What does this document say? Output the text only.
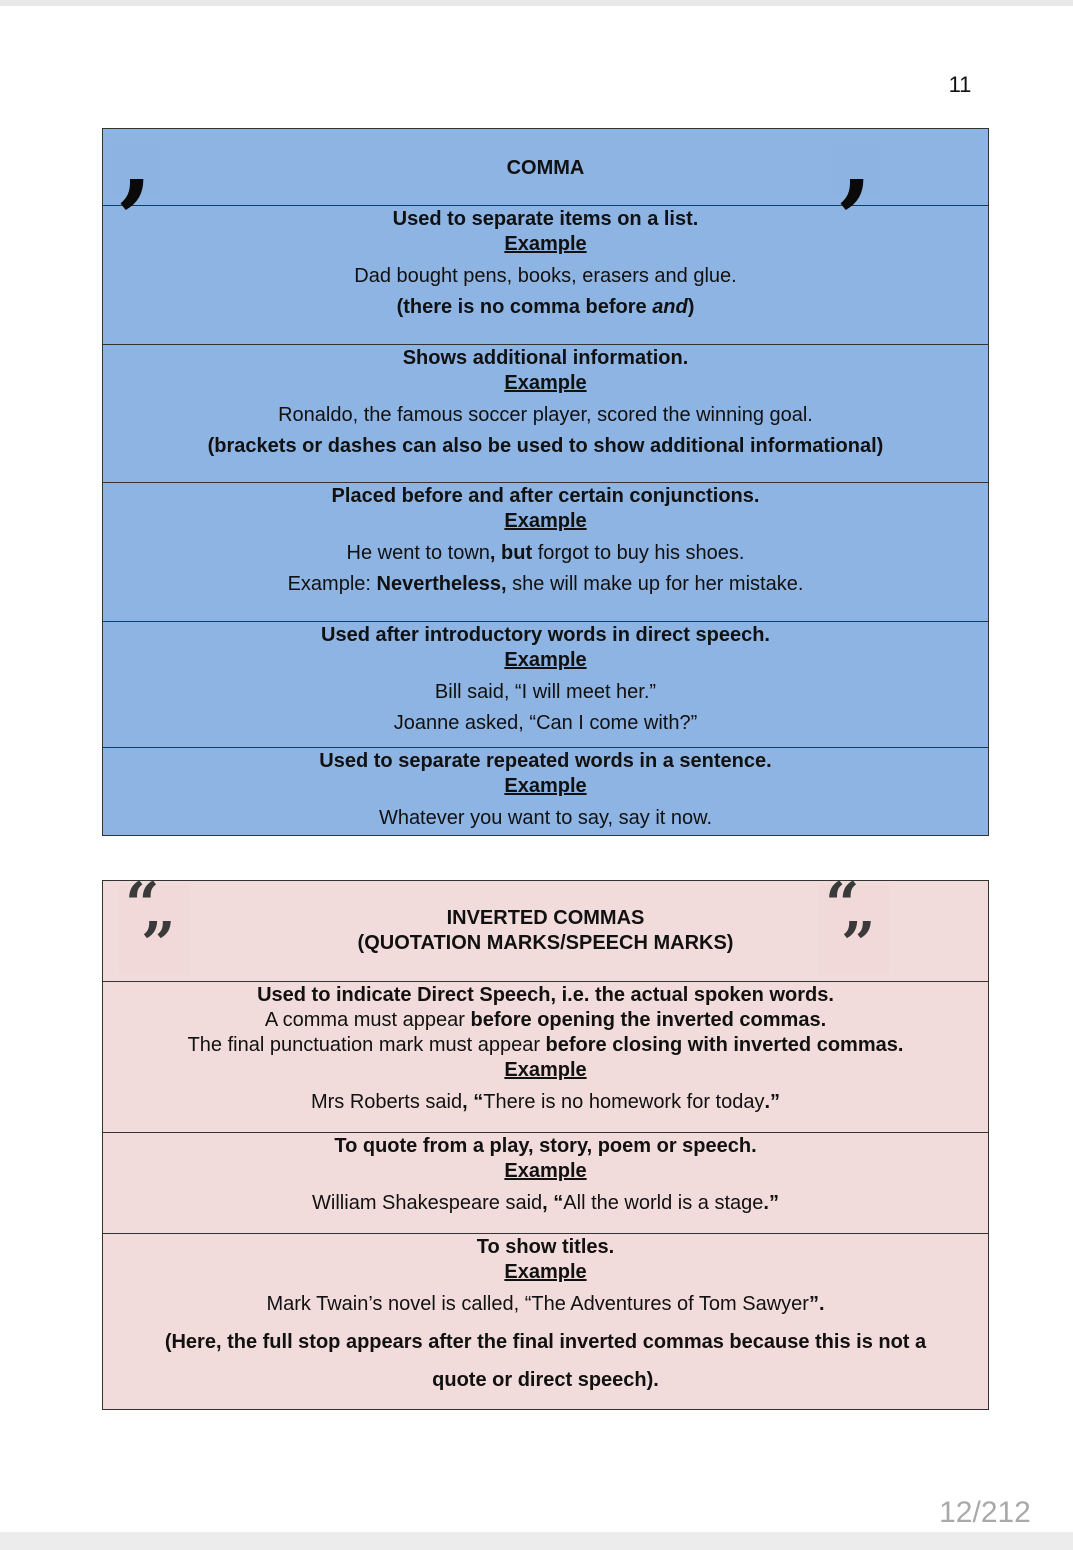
11
,	COMMA	,
Used to separate items on a list.
Example
Dad bought pens, books, erasers and glue.
(there is no comma before and)
Shows additional information.
Example
Ronaldo, the famous soccer player, scored the winning goal.
(brackets or dashes can also be used to show additional informational)
Placed before and after certain conjunctions.
Example
He went to town, but forgot to buy his shoes.
Example: Nevertheless, she will make up for her mistake.
Used after introductory words in direct speech.
Example
Bill said, “I will meet her.”
Joanne asked, “Can I come with?”
Used to separate repeated words in a sentence.
Example
Whatever you want to say, say it now.
“
”	INVERTED COMMAS
(QUOTATION MARKS/SPEECH MARKS)
“
”
Used to indicate Direct Speech, i.e. the actual spoken words.
A comma must appear before opening the inverted commas.
The final punctuation mark must appear before closing with inverted commas.
Example
Mrs Roberts said, “There is no homework for today.”
To quote from a play, story, poem or speech.
Example
William Shakespeare said, “All the world is a stage.”
To show titles.
Example
Mark Twain’s novel is called, “The Adventures of Tom Sawyer”.
(Here, the full stop appears after the final inverted commas because this is not a
quote or direct speech).
12/212
